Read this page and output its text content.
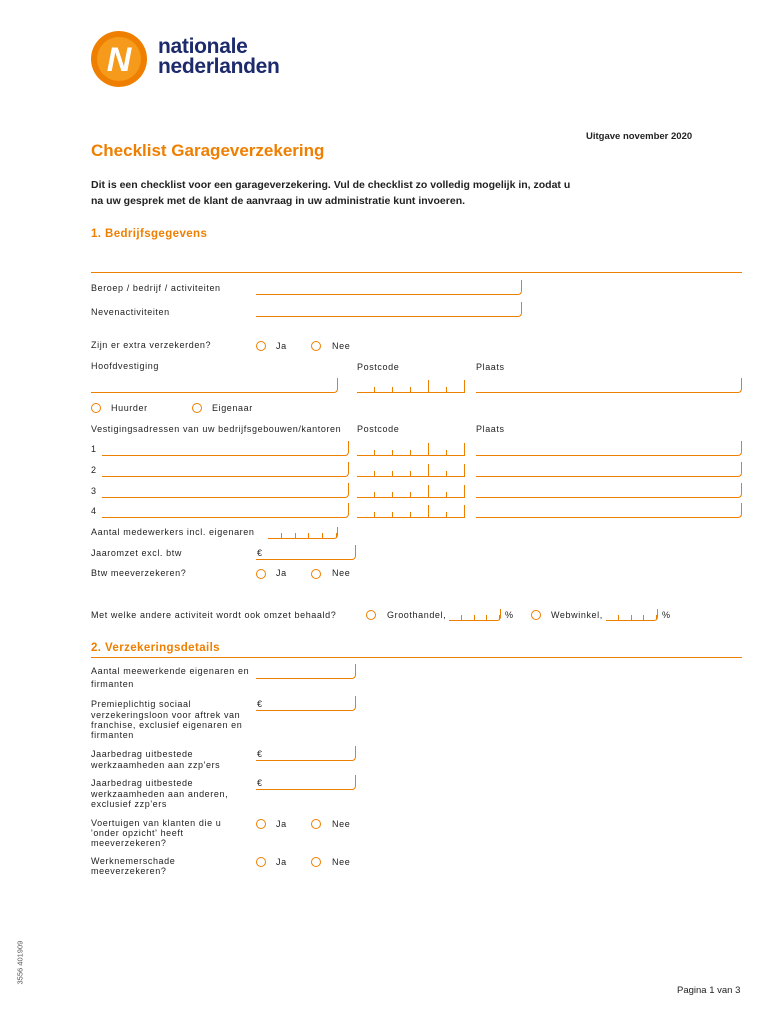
N nationale
nederlanden
Uitgave november 2020
Checklist Garageverzekering
Dit is een checklist voor een garageverzekering. Vul de checklist zo volledig mogelijk in, zodat u
na uw gesprek met de klant de aanvraag in uw administratie kunt invoeren.
1. Bedrijfsgegevens
Beroep / bedrijf / activiteiten
Nevenactiviteiten
Zijn er extra verzekerden?	Ja	Nee
Hoofdvestiging	Postcode	Plaats
Huurder	Eigenaar
Vestigingsadressen van uw bedrijfsgebouwen/kantoren Postcode	Plaats
1
2
3
4
Aantal medewerkers incl. eigenaren
Jaaromzet excl. btw	€
Btw meeverzekeren?	Ja	Nee
Met welke andere activiteit wordt ook omzet behaald?	Groothandel,	%	Webwinkel,	%
2. Verzekeringsdetails
Aantal meewerkende eigenaren en
firmanten
Premieplichtig sociaal
verzekeringsloon voor aftrek van
franchise, exclusief eigenaren en
firmanten
€
Jaarbedrag uitbestede
werkzaamheden aan zzp'ers
€
Jaarbedrag uitbestede
werkzaamheden aan anderen,
exclusief zzp'ers
€
Voertuigen van klanten die u
'onder opzicht' heeft
meeverzekeren?
Ja	Nee
Werknemerschade
meeverzekeren?
Ja	Nee
3556 401909
Pagina 1 van 3
